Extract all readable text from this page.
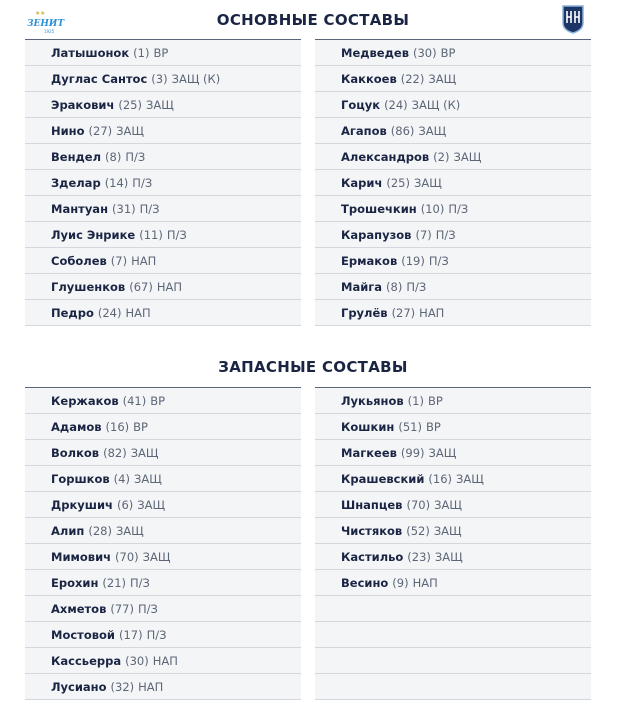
★ ★
ЗЕНИТ
1925
ОСНОВНЫЕ СОСТАВЫ
ЗАПАСНЫЕ СОСТАВЫ
Латышонок (1) ВР
Дуглас Сантос (3) ЗАЩ (К)
Эракович (25) ЗАЩ
Нино (27) ЗАЩ
Вендел (8) П/З
Зделар (14) П/З
Мантуан (31) П/З
Луис Энрике (11) П/З
Соболев (7) НАП
Глушенков (67) НАП
Педро (24) НАП
Медведев (30) ВР
Каккоев (22) ЗАЩ
Гоцук (24) ЗАЩ (К)
Агапов (86) ЗАЩ
Александров (2) ЗАЩ
Карич (25) ЗАЩ
Трошечкин (10) П/З
Карапузов (7) П/З
Ермаков (19) П/З
Майга (8) П/З
Грулёв (27) НАП
Кержаков (41) ВР
Адамов (16) ВР
Волков (82) ЗАЩ
Горшков (4) ЗАЩ
Дркушич (6) ЗАЩ
Алип (28) ЗАЩ
Мимович (70) ЗАЩ
Ерохин (21) П/З
Ахметов (77) П/З
Мостовой (17) П/З
Кассьерра (30) НАП
Лусиано (32) НАП
Лукьянов (1) ВР
Кошкин (51) ВР
Магкеев (99) ЗАЩ
Крашевский (16) ЗАЩ
Шнапцев (70) ЗАЩ
Чистяков (52) ЗАЩ
Кастильо (23) ЗАЩ
Весино (9) НАП
